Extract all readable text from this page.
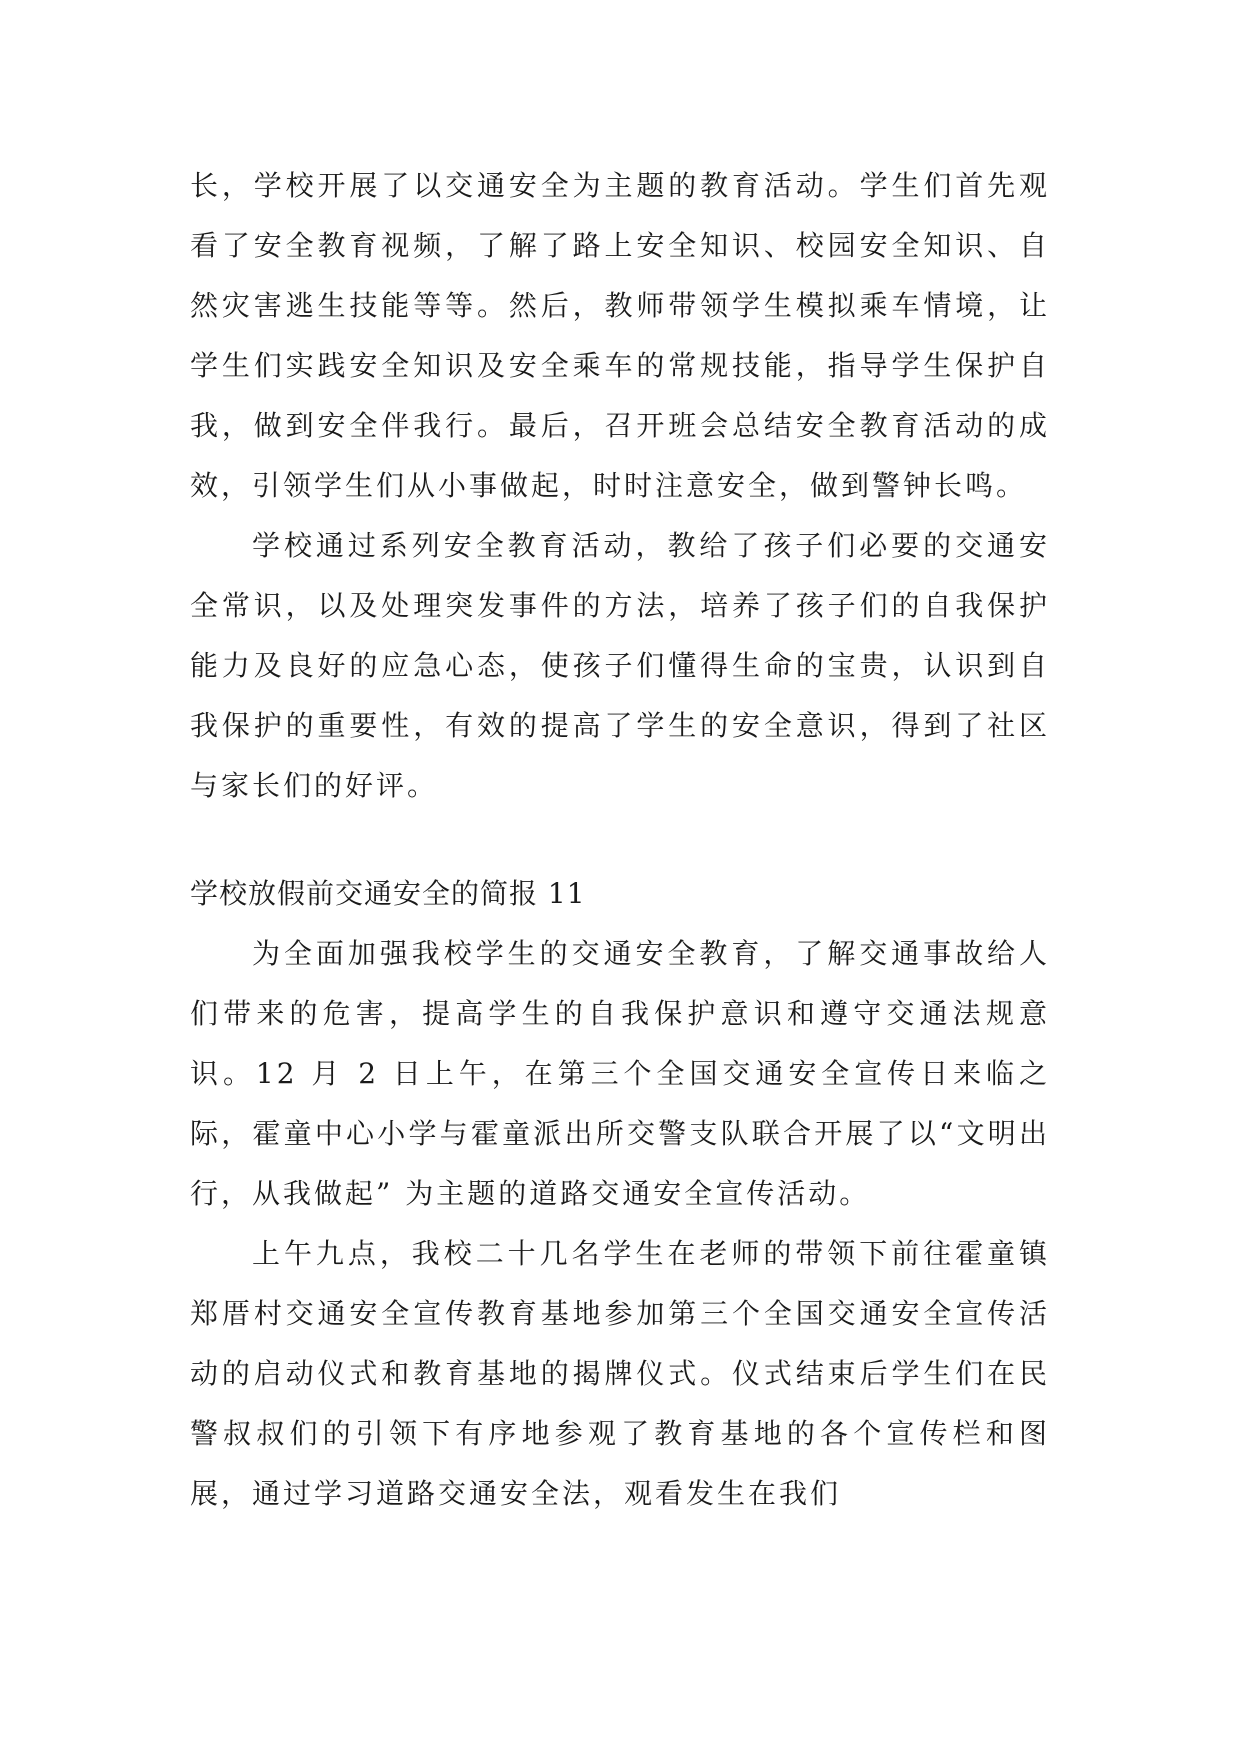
长，学校开展了以交通安全为主题的教育活动。学生们首先观看了安全教育视频，了解了路上安全知识、校园安全知识、自然灾害逃生技能等等。然后，教师带领学生模拟乘车情境，让学生们实践安全知识及安全乘车的常规技能，指导学生保护自我，做到安全伴我行。最后，召开班会总结安全教育活动的成效，引领学生们从小事做起，时时注意安全，做到警钟长鸣。

学校通过系列安全教育活动，教给了孩子们必要的交通安全常识，以及处理突发事件的方法，培养了孩子们的自我保护能力及良好的应急心态，使孩子们懂得生命的宝贵，认识到自我保护的重要性，有效的提高了学生的安全意识，得到了社区与家长们的好评。

学校放假前交通安全的简报 11

为全面加强我校学生的交通安全教育，了解交通事故给人们带来的危害，提高学生的自我保护意识和遵守交通法规意识。12 月 2 日上午，在第三个全国交通安全宣传日来临之际，霍童中心小学与霍童派出所交警支队联合开展了以“文明出行，从我做起” 为主题的道路交通安全宣传活动。

上午九点，我校二十几名学生在老师的带领下前往霍童镇郑厝村交通安全宣传教育基地参加第三个全国交通安全宣传活动的启动仪式和教育基地的揭牌仪式。仪式结束后学生们在民警叔叔们的引领下有序地参观了教育基地的各个宣传栏和图展，通过学习道路交通安全法，观看发生在我们
